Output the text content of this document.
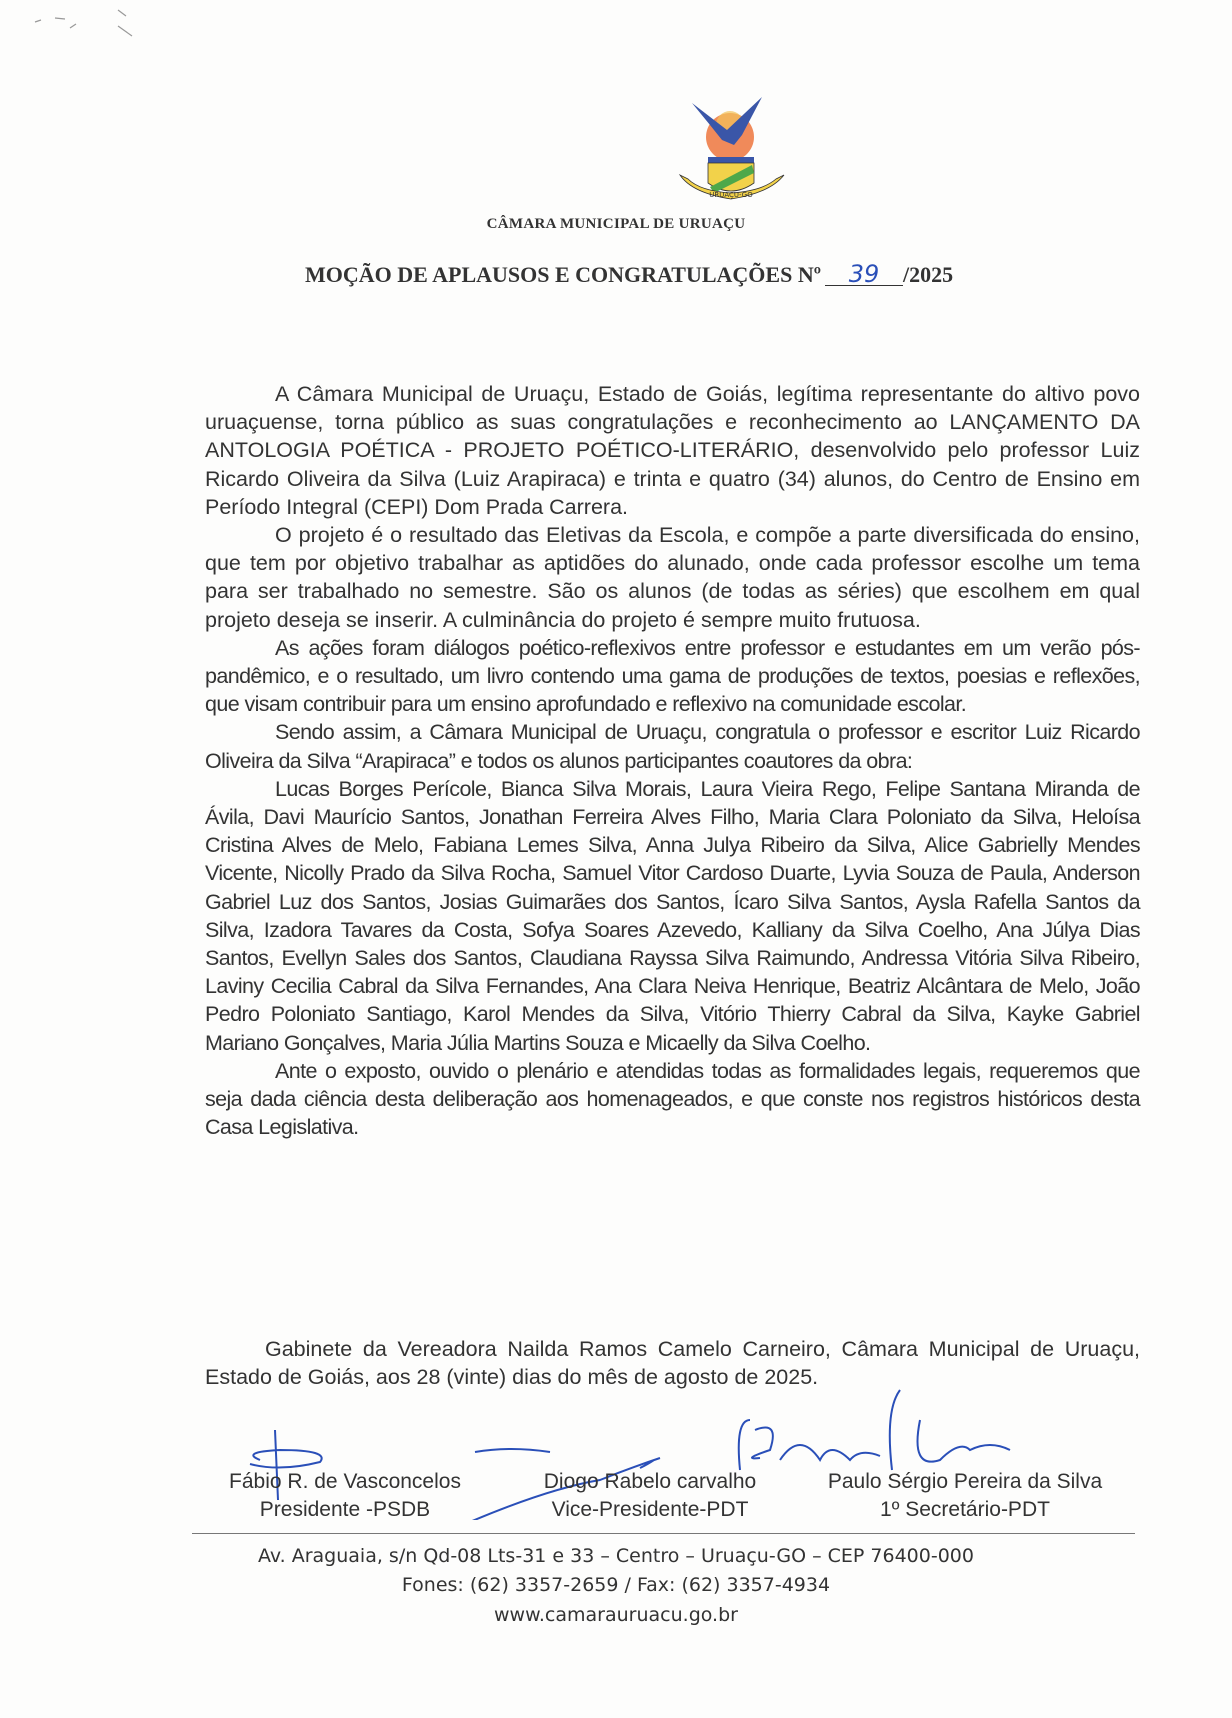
URUAÇU-GO
CÂMARA MUNICIPAL DE URUAÇU
MOÇÃO DE APLAUSOS E CONGRATULAÇÕES Nº 39 /2025

A Câmara Municipal de Uruaçu, Estado de Goiás, legítima representante do altivo povo uruaçuense, torna público as suas congratulações e reconhecimento ao LANÇAMENTO DA ANTOLOGIA POÉTICA - PROJETO POÉTICO-LITERÁRIO, desenvolvido pelo professor Luiz Ricardo Oliveira da Silva (Luiz Arapiraca) e trinta e quatro (34) alunos, do Centro de Ensino em Período Integral (CEPI) Dom Prada Carrera.

O projeto é o resultado das Eletivas da Escola, e compõe a parte diversificada do ensino, que tem por objetivo trabalhar as aptidões do alunado, onde cada professor escolhe um tema para ser trabalhado no semestre. São os alunos (de todas as séries) que escolhem em qual projeto deseja se inserir. A culminância do projeto é sempre muito frutuosa.

As ações foram diálogos poético-reflexivos entre professor e estudantes em um verão pós-pandêmico, e o resultado, um livro contendo uma gama de produções de textos, poesias e reflexões, que visam contribuir para um ensino aprofundado e reflexivo na comunidade escolar.

Sendo assim, a Câmara Municipal de Uruaçu, congratula o professor e escritor Luiz Ricardo Oliveira da Silva “Arapiraca” e todos os alunos participantes coautores da obra:

Lucas Borges Perícole, Bianca Silva Morais, Laura Vieira Rego, Felipe Santana Miranda de Ávila, Davi Maurício Santos, Jonathan Ferreira Alves Filho, Maria Clara Poloniato da Silva, Heloísa Cristina Alves de Melo, Fabiana Lemes Silva, Anna Julya Ribeiro da Silva, Alice Gabrielly Mendes Vicente, Nicolly Prado da Silva Rocha, Samuel Vitor Cardoso Duarte, Lyvia Souza de Paula, Anderson Gabriel Luz dos Santos, Josias Guimarães dos Santos, Ícaro Silva Santos, Aysla Rafella Santos da Silva, Izadora Tavares da Costa, Sofya Soares Azevedo, Kalliany da Silva Coelho, Ana Júlya Dias Santos, Evellyn Sales dos Santos, Claudiana Rayssa Silva Raimundo, Andressa Vitória Silva Ribeiro, Laviny Cecilia Cabral da Silva Fernandes, Ana Clara Neiva Henrique, Beatriz Alcântara de Melo, João Pedro Poloniato Santiago, Karol Mendes da Silva, Vitório Thierry Cabral da Silva, Kayke Gabriel Mariano Gonçalves, Maria Júlia Martins Souza e Micaelly da Silva Coelho.

Ante o exposto, ouvido o plenário e atendidas todas as formalidades legais, requeremos que seja dada ciência desta deliberação aos homenageados, e que conste nos registros históricos desta Casa Legislativa.

Gabinete da Vereadora Nailda Ramos Camelo Carneiro, Câmara Municipal de Uruaçu, Estado de Goiás, aos 28 (vinte) dias do mês de agosto de 2025.

Fábio R. de Vasconcelos
Presidente -PSDB
Diogo Rabelo carvalho
Vice-Presidente-PDT
Paulo Sérgio Pereira da Silva
1º Secretário-PDT
Av. Araguaia, s/n Qd-08 Lts-31 e 33 – Centro – Uruaçu-GO – CEP 76400-000
Fones: (62) 3357-2659 / Fax: (62) 3357-4934
www.camarauruacu.go.br
